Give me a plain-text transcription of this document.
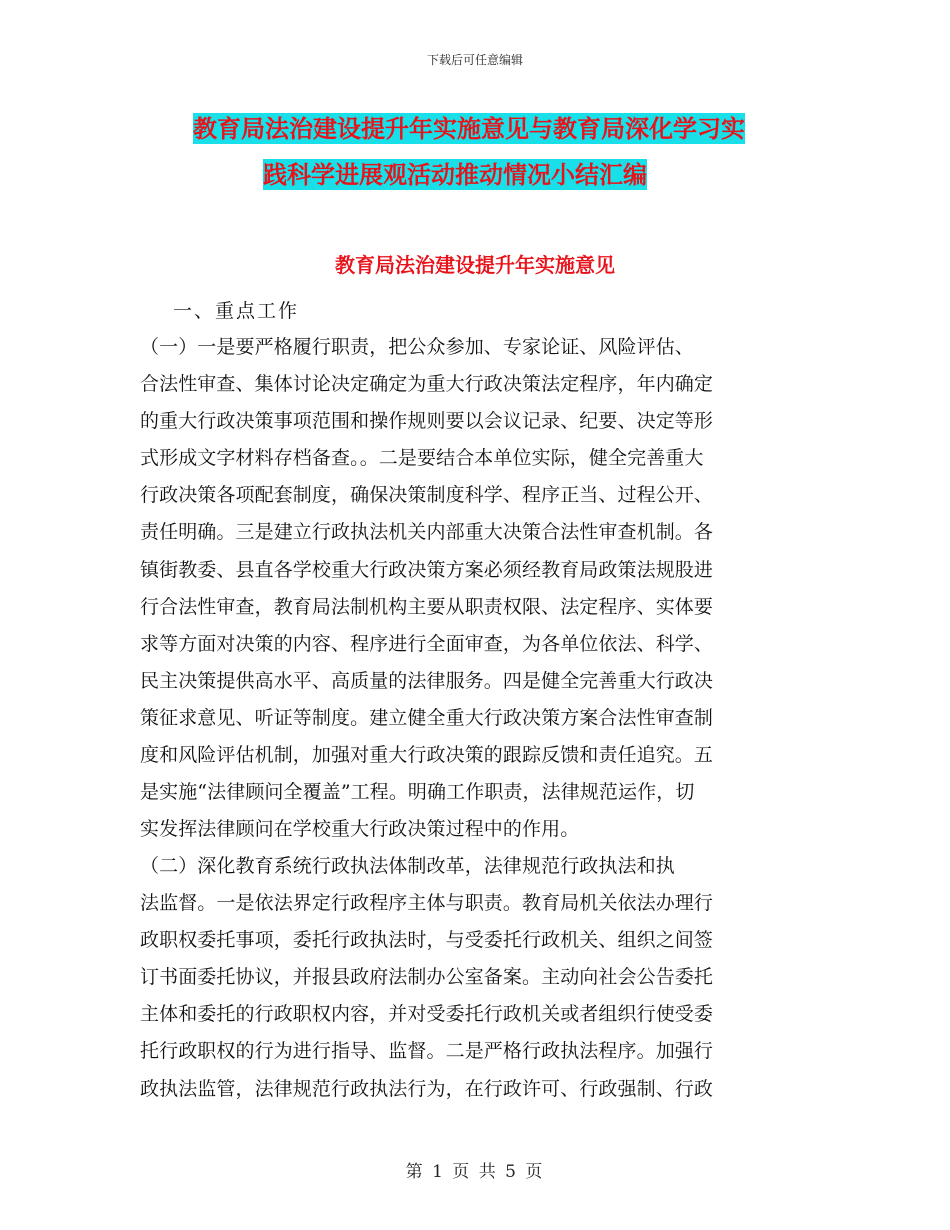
下载后可任意编辑
教育局法治建设提升年实施意见与教育局深化学习实
践科学进展观活动推动情况小结汇编
教育局法治建设提升年实施意见
一、重点工作
（一）一是要严格履行职责，把公众参加、专家论证、风险评估、
合法性审查、集体讨论决定确定为重大行政决策法定程序，年内确定
的重大行政决策事项范围和操作规则要以会议记录、纪要、决定等形
式形成文字材料存档备查。。二是要结合本单位实际，健全完善重大
行政决策各项配套制度，确保决策制度科学、程序正当、过程公开、
责任明确。三是建立行政执法机关内部重大决策合法性审查机制。各
镇街教委、县直各学校重大行政决策方案必须经教育局政策法规股进
行合法性审查，教育局法制机构主要从职责权限、法定程序、实体要
求等方面对决策的内容、程序进行全面审查，为各单位依法、科学、
民主决策提供高水平、高质量的法律服务。四是健全完善重大行政决
策征求意见、听证等制度。建立健全重大行政决策方案合法性审查制
度和风险评估机制，加强对重大行政决策的跟踪反馈和责任追究。五
是实施“法律顾问全覆盖”工程。明确工作职责，法律规范运作，切
实发挥法律顾问在学校重大行政决策过程中的作用。
（二）深化教育系统行政执法体制改革，法律规范行政执法和执
法监督。一是依法界定行政程序主体与职责。教育局机关依法办理行
政职权委托事项，委托行政执法时，与受委托行政机关、组织之间签
订书面委托协议，并报县政府法制办公室备案。主动向社会公告委托
主体和委托的行政职权内容，并对受委托行政机关或者组织行使受委
托行政职权的行为进行指导、监督。二是严格行政执法程序。加强行
政执法监管，法律规范行政执法行为，在行政许可、行政强制、行政
第 1 页 共 5 页
